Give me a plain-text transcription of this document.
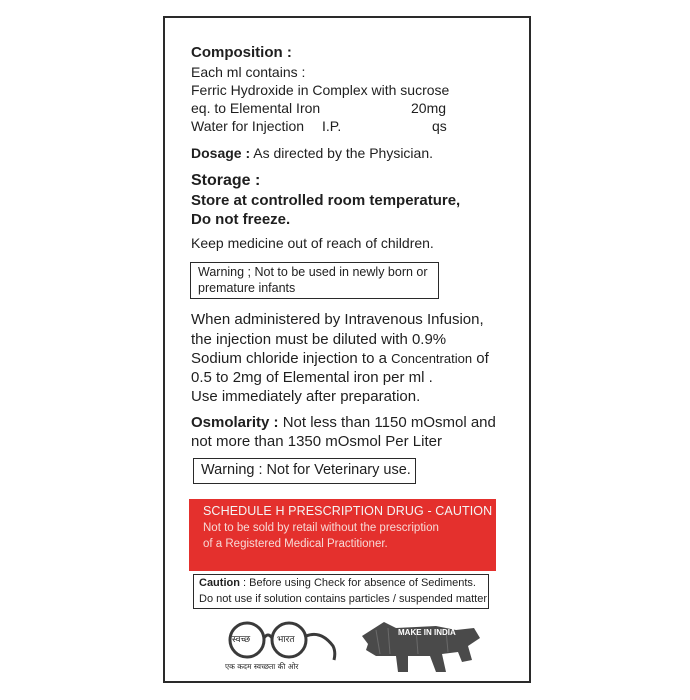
Composition :
Each ml contains :
Ferric Hydroxide in Complex with sucrose
eq. to Elemental Iron	20mg
Water for Injection I.P.	qs
Dosage : As directed by the Physician.
Storage :
Store at controlled room temperature,
Do not freeze.
Keep medicine out of reach of children.
Warning ; Not to be used in newly born or
premature infants
When administered by Intravenous Infusion,
the injection must be diluted with 0.9%
Sodium chloride injection to a Concentration of
0.5 to 2mg of Elemental iron per ml .
Use immediately after preparation.
Osmolarity : Not less than 1150 mOsmol and
not more than 1350 mOsmol Per Liter
Warning : Not for Veterinary use.
SCHEDULE H PRESCRIPTION DRUG - CAUTION
Not to be sold by retail without the prescription
of a Registered Medical Practitioner.
Caution : Before using Check for absence of Sediments.
Do not use if solution contains particles / suspended matter
स्वच्छ	भारत
एक कदम स्वच्छता की ओर
MAKE IN INDIA
